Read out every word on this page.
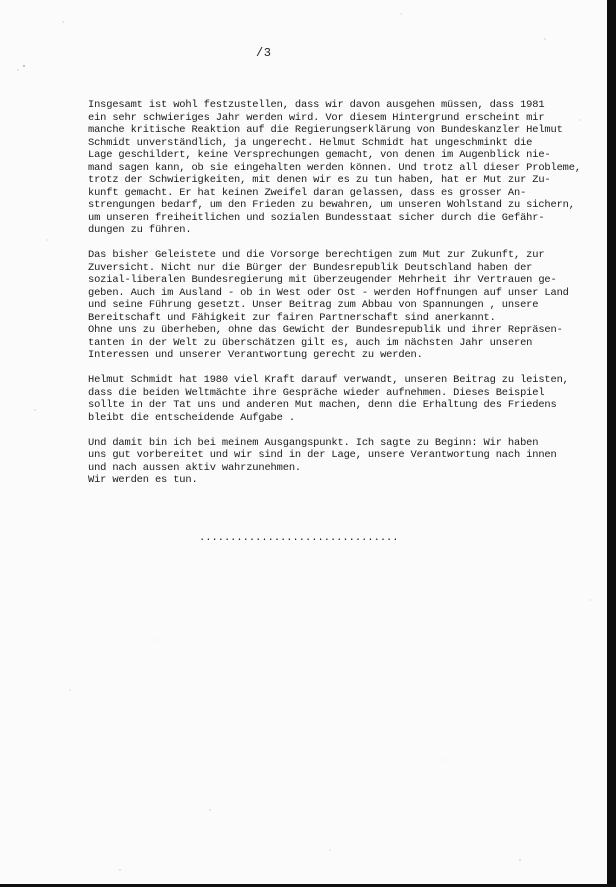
/3

Insgesamt ist wohl festzustellen, dass wir davon ausgehen müssen, dass 1981
ein sehr schwieriges Jahr werden wird. Vor diesem Hintergrund erscheint mir
manche kritische Reaktion auf die Regierungserklärung von Bundeskanzler Helmut
Schmidt unverständlich, ja ungerecht. Helmut Schmidt hat ungeschminkt die
Lage geschildert, keine Versprechungen gemacht, von denen im Augenblick nie-
mand sagen kann, ob sie eingehalten werden können. Und trotz all dieser Probleme,
trotz der Schwierigkeiten, mit denen wir es zu tun haben, hat er Mut zur Zu-
kunft gemacht. Er hat keinen Zweifel daran gelassen, dass es grosser An-
strengungen bedarf, um den Frieden zu bewahren, um unseren Wohlstand zu sichern,
um unseren freiheitlichen und sozialen Bundesstaat sicher durch die Gefähr-
dungen zu führen.

Das bisher Geleistete und die Vorsorge berechtigen zum Mut zur Zukunft, zur
Zuversicht. Nicht nur die Bürger der Bundesrepublik Deutschland haben der
sozial-liberalen Bundesregierung mit überzeugender Mehrheit ihr Vertrauen ge-
geben. Auch im Ausland - ob in West oder Ost - werden Hoffnungen auf unser Land
und seine Führung gesetzt. Unser Beitrag zum Abbau von Spannungen , unsere
Bereitschaft und Fähigkeit zur fairen Partnerschaft sind anerkannt.
Ohne uns zu überheben, ohne das Gewicht der Bundesrepublik und ihrer Repräsen-
tanten in der Welt zu überschätzen gilt es, auch im nächsten Jahr unseren
Interessen und unserer Verantwortung gerecht zu werden.

Helmut Schmidt hat 1980 viel Kraft darauf verwandt, unseren Beitrag zu leisten,
dass die beiden Weltmächte ihre Gespräche wieder aufnehmen. Dieses Beispiel
sollte in der Tat uns und anderen Mut machen, denn die Erhaltung des Friedens
bleibt die entscheidende Aufgabe .

Und damit bin ich bei meinem Ausgangspunkt. Ich sagte zu Beginn: Wir haben
uns gut vorbereitet und wir sind in der Lage, unsere Verantwortung nach innen
und nach aussen aktiv wahrzunehmen.
Wir werden es tun.

................................
